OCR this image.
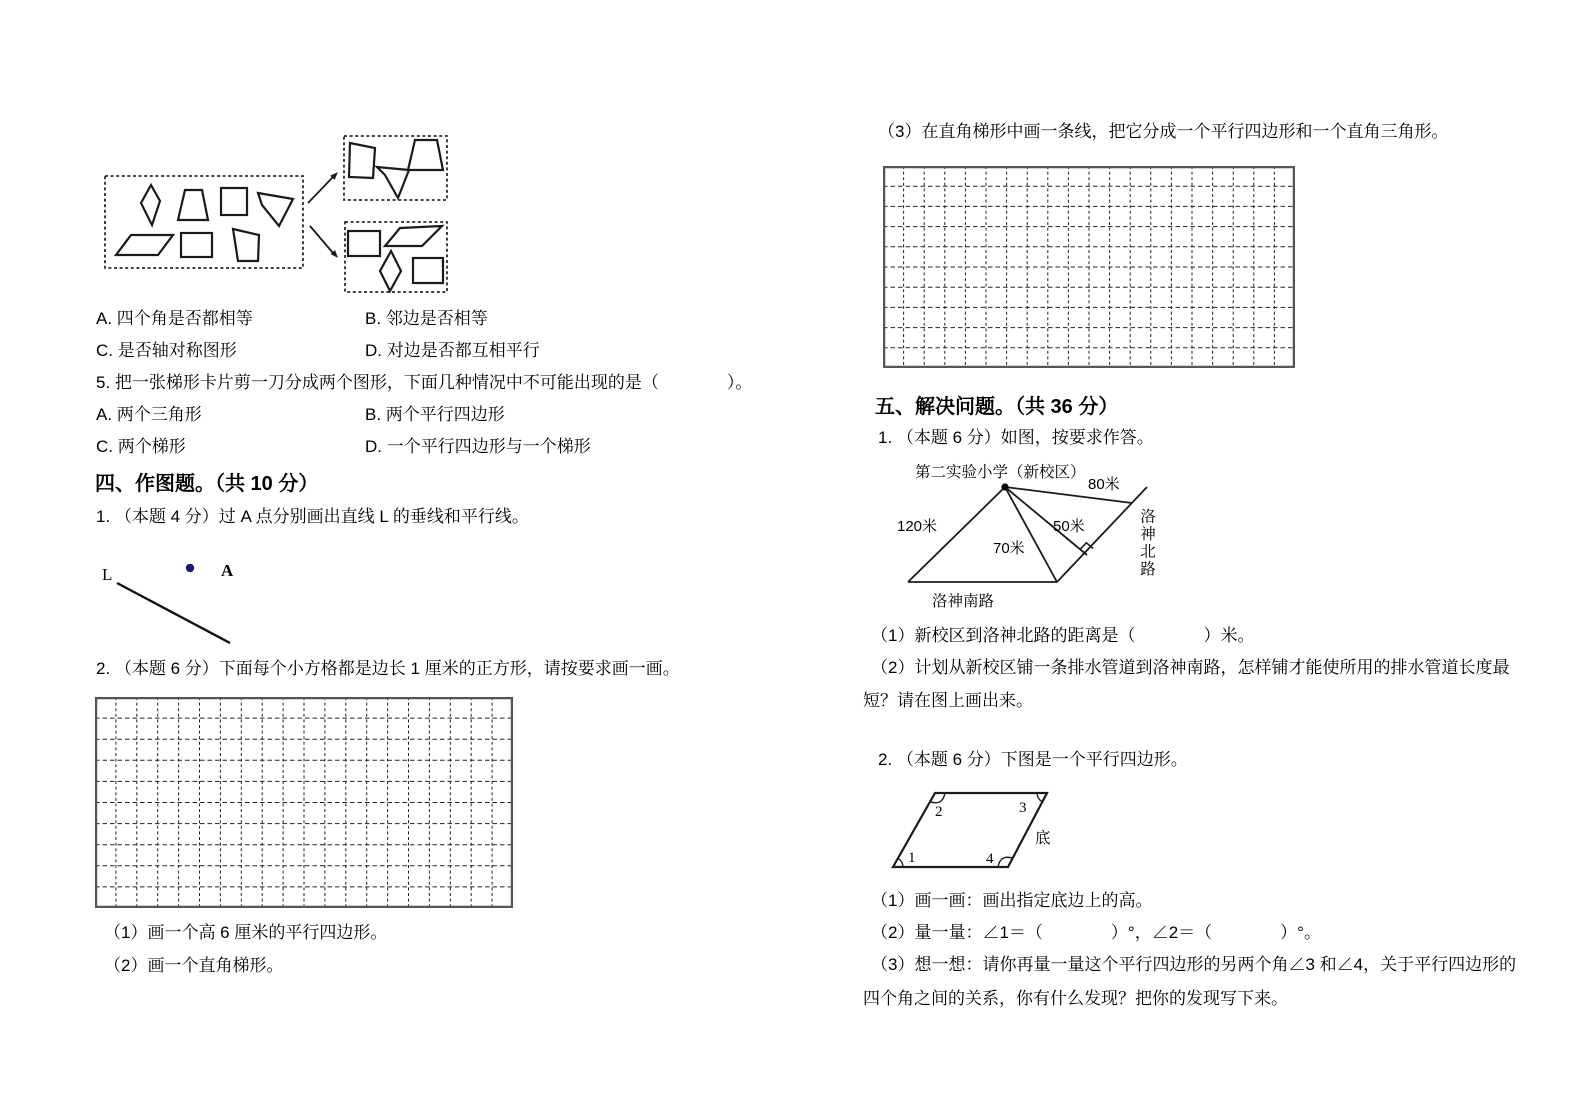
A. 四个角是否都相等	B. 邻边是否相等
C. 是否轴对称图形	D. 对边是否都互相平行
5. 把一张梯形卡片剪一刀分成两个图形，下面几种情况中不可能出现的是（　　　　）。
A. 两个三角形	B. 两个平行四边形
C. 两个梯形	D. 一个平行四边形与一个梯形
四、作图题。（共 10 分）
1. （本题 4 分）过 A 点分别画出直线 L 的垂线和平行线。
L	A
2. （本题 6 分）下面每个小方格都是边长 1 厘米的正方形，请按要求画一画。
（1）画一个高 6 厘米的平行四边形。
（2）画一个直角梯形。
（3）在直角梯形中画一条线，把它分成一个平行四边形和一个直角三角形。
五、解决问题。（共 36 分）
1. （本题 6 分）如图，按要求作答。
第二实验小学（新校区）
80米
120米	50米
70米
洛神南路
洛神北路
（1）新校区到洛神北路的距离是（　　　　）米。
（2）计划从新校区铺一条排水管道到洛神南路，怎样铺才能使所用的排水管道长度最
短？请在图上画出来。
2. （本题 6 分）下图是一个平行四边形。
1
2	3
4
底
（1）画一画：画出指定底边上的高。
（2）量一量：∠1＝（　　　　）°，∠2＝（　　　　）°。
（3）想一想：请你再量一量这个平行四边形的另两个角∠3 和∠4，关于平行四边形的
四个角之间的关系，你有什么发现？把你的发现写下来。
